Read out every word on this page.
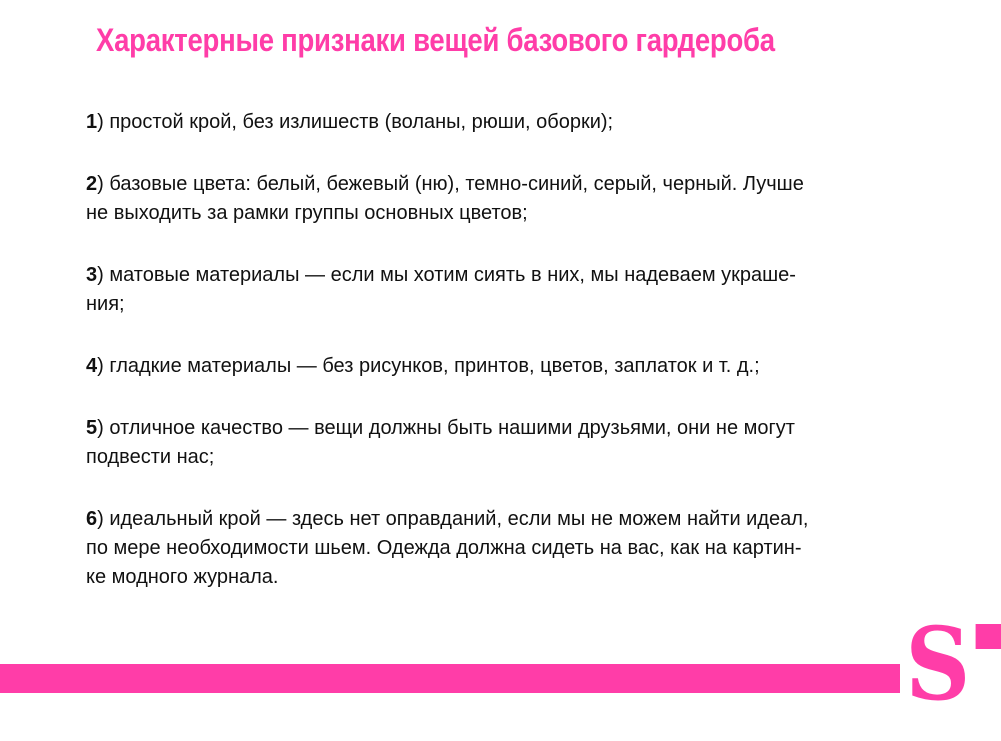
Характерные признаки вещей базового гардероба
1) простой крой, без излишеств (воланы, рюши, оборки);
2) базовые цвета: белый, бежевый (ню), темно-синий, серый, черный. Лучше
не выходить за рамки группы основных цветов;
3) матовые материалы — если мы хотим сиять в них, мы надеваем украше-
ния;
4) гладкие материалы — без рисунков, принтов, цветов, заплаток и т. д.;
5) отличное качество — вещи должны быть нашими друзьями, они не могут
подвести нас;
6) идеальный крой — здесь нет оправданий, если мы не можем найти идеал,
по мере необходимости шьем. Одежда должна сидеть на вас, как на картин-
ке модного журнала.
S
